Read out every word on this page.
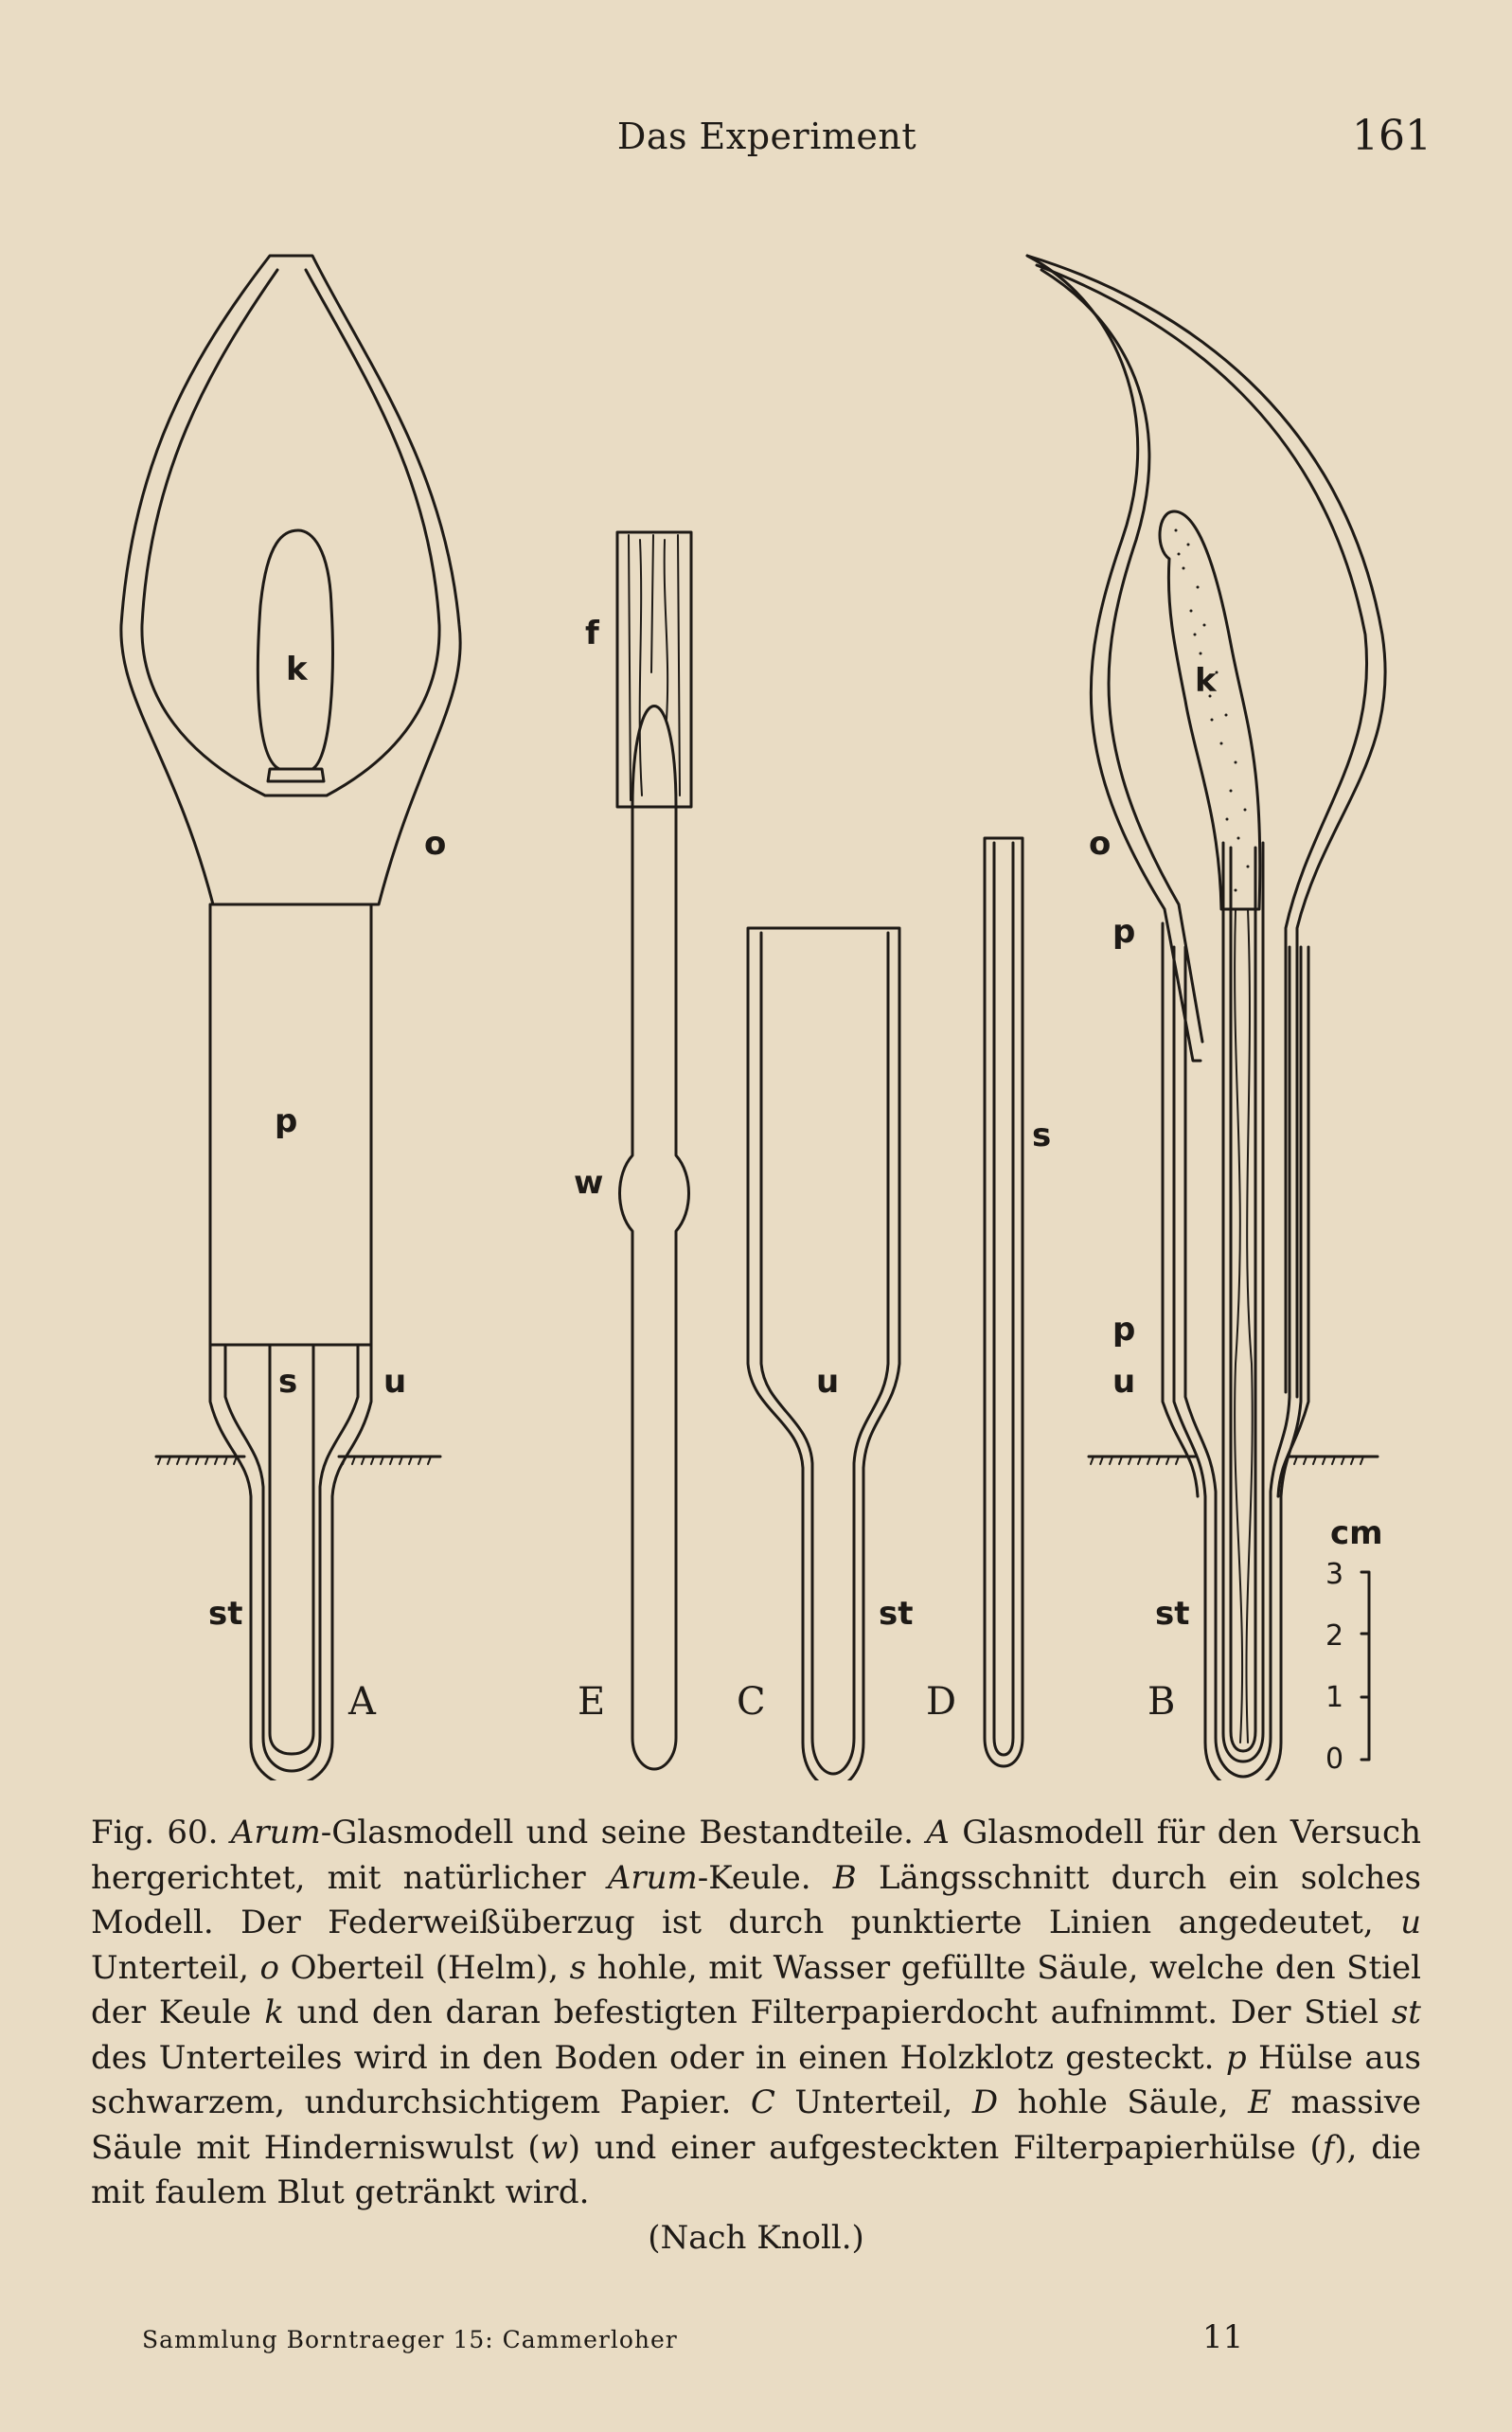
Das Experiment	161
k
o
p
s	u
st
A
f
w
E
u
st
C
s
D
k
o
p
p
u
st
B
cm
3
2
1
0

Fig. 60. Arum-Glasmodell und seine Bestandteile. A Glasmodell für den Versuch hergerichtet, mit natürlicher Arum-Keule. B Längsschnitt durch ein solches Modell. Der Federweißüberzug ist durch punktierte Linien angedeutet, u Unterteil, o Oberteil (Helm), s hohle, mit Wasser gefüllte Säule, welche den Stiel der Keule k und den daran befestigten Filterpapierdocht aufnimmt. Der Stiel st des Unterteiles wird in den Boden oder in einen Holzklotz gesteckt. p Hülse aus schwarzem, undurchsichtigem Papier. C Unterteil, D hohle Säule, E massive Säule mit Hinderniswulst (w) und einer aufgesteckten Filterpapierhülse (f), die mit faulem Blut getränkt wird.
(Nach Knoll.)

Sammlung Borntraeger 15: Cammerloher	11
